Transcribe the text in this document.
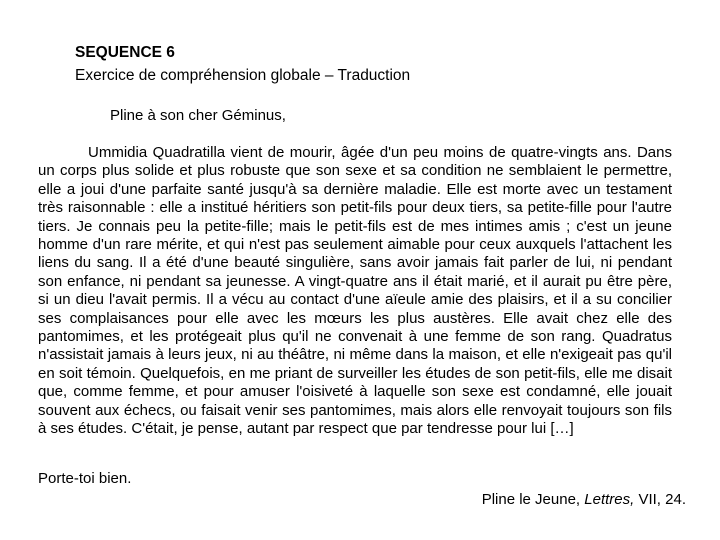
SEQUENCE 6
Exercice de compréhension globale – Traduction
Pline à son cher Géminus,

Ummidia Quadratilla vient de mourir, âgée d'un peu moins de quatre-vingts ans. Dans un corps plus solide et plus robuste que son sexe et sa condition ne semblaient le permettre, elle a joui d'une parfaite santé jusqu'à sa dernière maladie. Elle est morte avec un testament très raisonnable : elle a institué héritiers son petit-fils pour deux tiers, sa petite-fille pour l'autre tiers. Je connais peu la petite-fille; mais le petit-fils est de mes intimes amis ; c'est un jeune homme d'un rare mérite, et qui n'est pas seulement aimable pour ceux auxquels l'attachent les liens du sang. Il a été d'une beauté singulière, sans avoir jamais fait parler de lui, ni pendant son enfance, ni pendant sa jeunesse. A vingt-quatre ans il était marié, et il aurait pu être père, si un dieu l'avait permis. Il a vécu au contact d'une aïeule amie des plaisirs, et il a su concilier ses complaisances pour elle avec les mœurs les plus austères. Elle avait chez elle des pantomimes, et les protégeait plus qu'il ne convenait à une femme de son rang. Quadratus n'assistait jamais à leurs jeux, ni au théâtre, ni même dans la maison, et elle n'exigeait pas qu'il en soit témoin. Quelquefois, en me priant de surveiller les études de son petit-fils, elle me disait que, comme femme, et pour amuser l'oisiveté à laquelle son sexe est condamné, elle jouait souvent aux échecs, ou faisait venir ses pantomimes, mais alors elle renvoyait toujours son fils à ses études. C'était, je pense, autant par respect que par tendresse pour lui […]

Porte-toi bien.
Pline le Jeune, Lettres, VII, 24.
